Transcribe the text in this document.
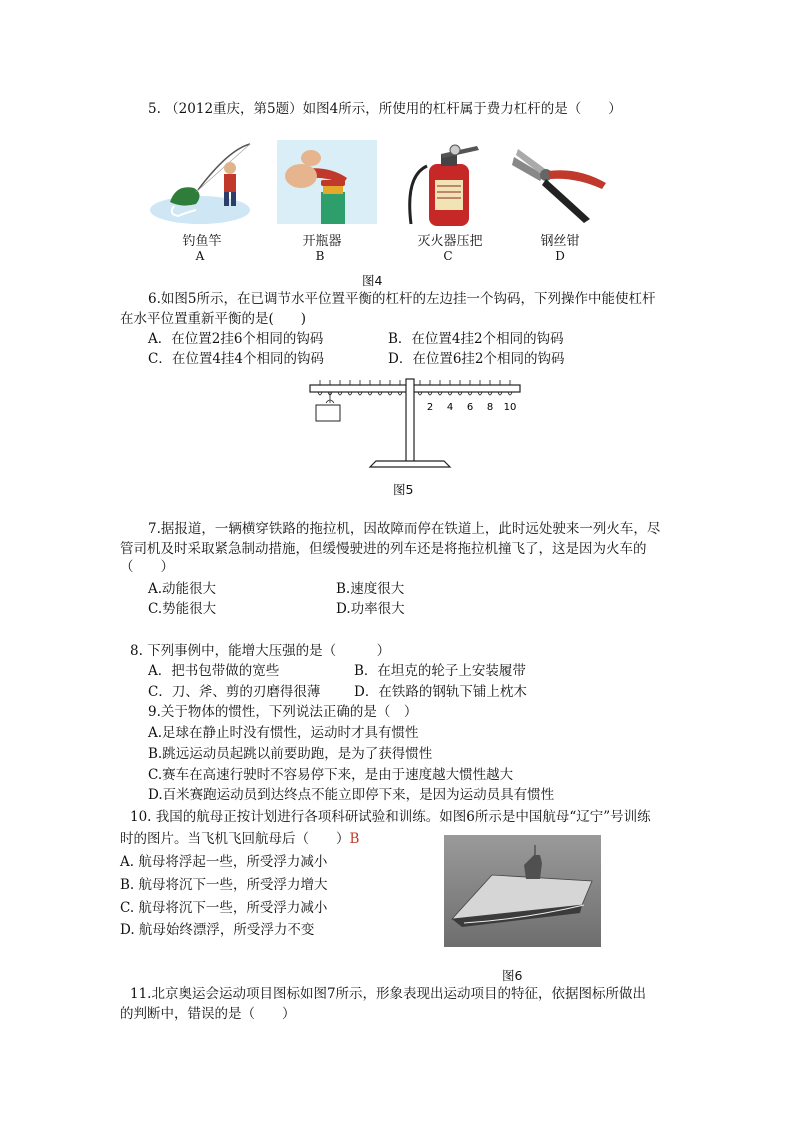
5. （2012重庆，第5题）如图4所示，所使用的杠杆属于费力杠杆的是（　　）
钓鱼竿
A
开瓶器
B
灭火器压把
C
钢丝钳
D
图4
6.如图5所示，在已调节水平位置平衡的杠杆的左边挂一个钩码，下列操作中能使杠杆
在水平位置重新平衡的是(　　)
A．在位置2挂6个相同的钩码	B．在位置4挂2个相同的钩码
C．在位置4挂4个相同的钩码	D．在位置6挂2个相同的钩码
2 4 6 8 10
图5
7.据报道，一辆横穿铁路的拖拉机，因故障而停在铁道上，此时远处驶来一列火车，尽
管司机及时采取紧急制动措施，但缓慢驶进的列车还是将拖拉机撞飞了，这是因为火车的
（　　）
A.动能很大	B.速度很大
C.势能很大	D.功率很大
8. 下列事例中，能增大压强的是（　　　）
A．把书包带做的宽些	B．在坦克的轮子上安装履带
C．刀、斧、剪的刃磨得很薄 D．在铁路的钢轨下铺上枕木
9.关于物体的惯性，下列说法正确的是（　）
A.足球在静止时没有惯性，运动时才具有惯性
B.跳远运动员起跳以前要助跑，是为了获得惯性
C.赛车在高速行驶时不容易停下来，是由于速度越大惯性越大
D.百米赛跑运动员到达终点不能立即停下来，是因为运动员具有惯性
10. 我国的航母正按计划进行各项科研试验和训练。如图6所示是中国航母“辽宁”号训练
时的图片。当飞机飞回航母后（　　）B
A. 航母将浮起一些，所受浮力减小
B. 航母将沉下一些，所受浮力增大
C. 航母将沉下一些，所受浮力减小
D. 航母始终漂浮，所受浮力不变
图6
11.北京奥运会运动项目图标如图7所示，形象表现出运动项目的特征，依据图标所做出
的判断中，错误的是（　　）
